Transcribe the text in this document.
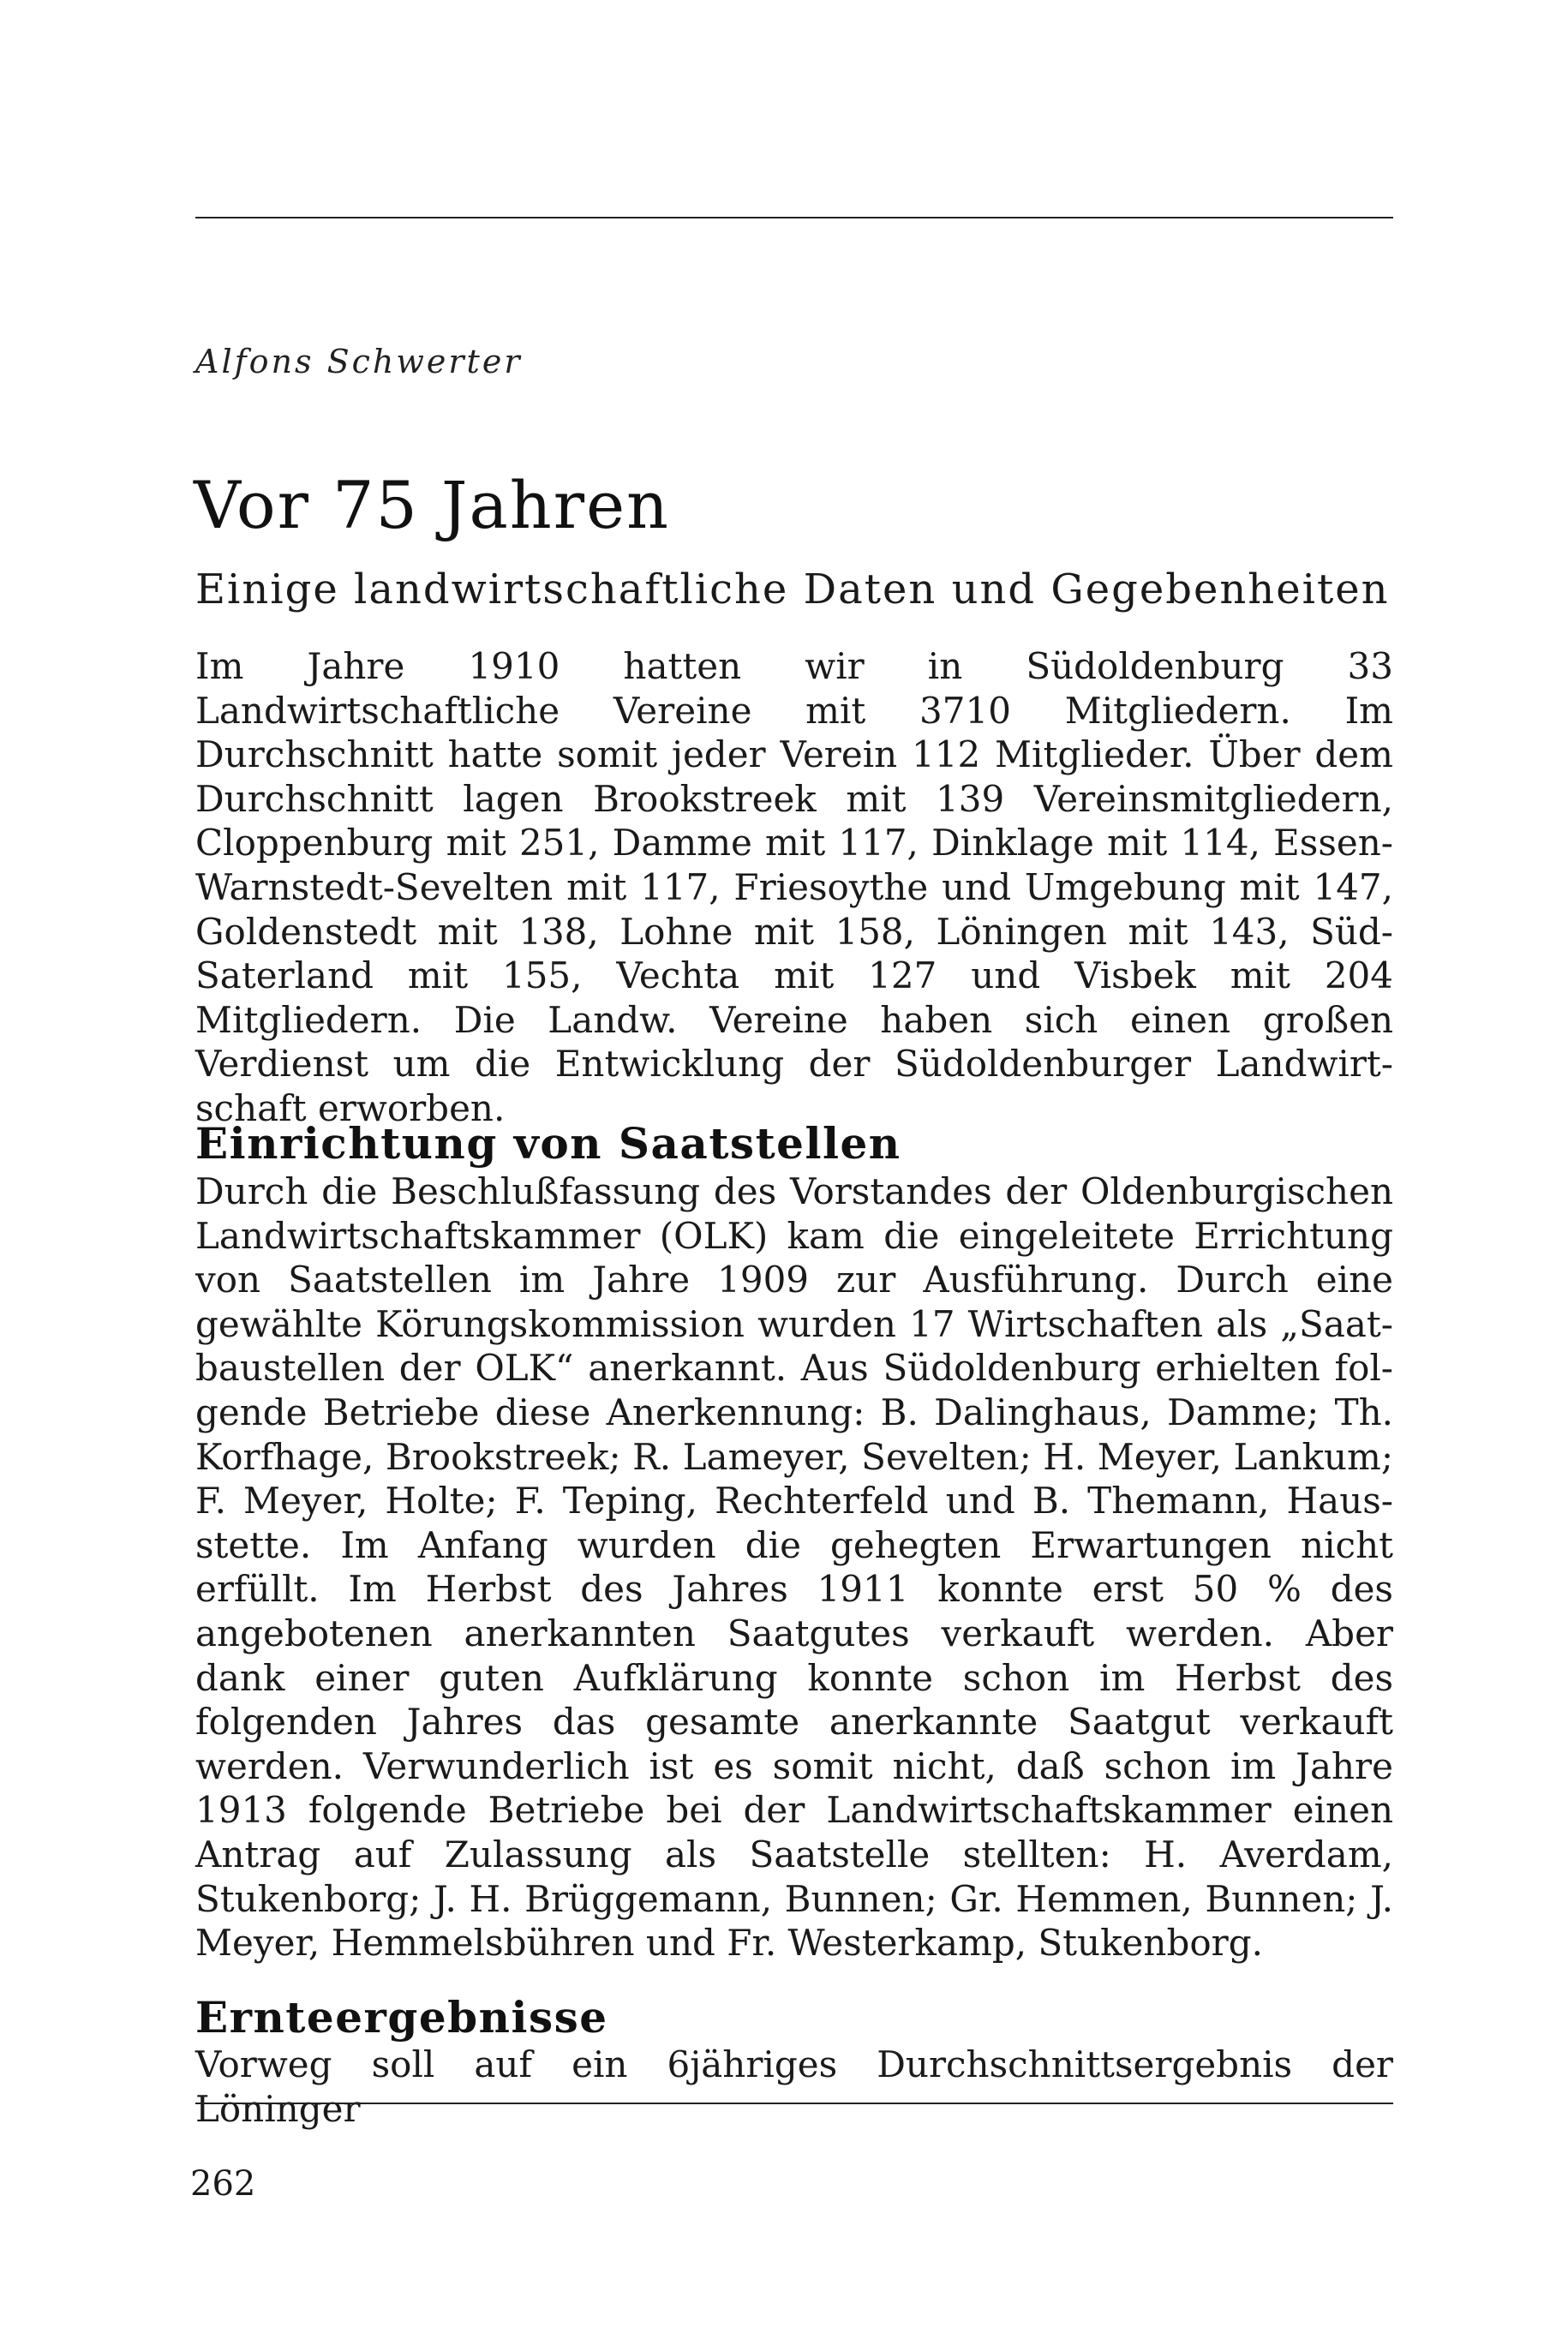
Alfons Schwerter
Vor 75 Jahren
Einige landwirtschaftliche Daten und Gegebenheiten

Im Jahre 1910 hatten wir in Südoldenburg 33 Landwirtschaftliche Vereine mit 3710 Mitgliedern. Im Durchschnitt hatte somit jeder Verein 112 Mitglieder. Über dem Durchschnitt lagen Brookstreek mit 139 Vereinsmitgliedern, Cloppenburg mit 251, Damme mit 117, Dinklage mit 114, Essen-Warnstedt-Sevelten mit 117, Friesoythe und Umgebung mit 147, Goldenstedt mit 138, Lohne mit 158, Löningen mit 143, Süd-Saterland mit 155, Vechta mit 127 und Visbek mit 204 Mitgliedern. Die Landw. Vereine haben sich einen großen Verdienst um die Entwicklung der Südoldenburger Landwirtschaft erworben.

Einrichtung von Saatstellen

Durch die Beschlußfassung des Vorstandes der Oldenburgischen Landwirtschaftskammer (OLK) kam die eingeleitete Errichtung von Saatstellen im Jahre 1909 zur Ausführung. Durch eine gewählte Körungskommission wurden 17 Wirtschaften als „Saatbaustellen der OLK“ anerkannt. Aus Südoldenburg erhielten folgende Betriebe diese Anerkennung: B. Dalinghaus, Damme; Th. Korfhage, Brookstreek; R. Lameyer, Sevelten; H. Meyer, Lankum; F. Meyer, Holte; F. Teping, Rechterfeld und B. Themann, Hausstette. Im Anfang wurden die gehegten Erwartungen nicht erfüllt. Im Herbst des Jahres 1911 konnte erst 50 % des angebotenen anerkannten Saatgutes verkauft werden. Aber dank einer guten Aufklärung konnte schon im Herbst des folgenden Jahres das gesamte anerkannte Saatgut verkauft werden. Verwunderlich ist es somit nicht, daß schon im Jahre 1913 folgende Betriebe bei der Landwirtschaftskammer einen Antrag auf Zulassung als Saatstelle stellten: H. Averdam, Stukenborg; J. H. Brüggemann, Bunnen; Gr. Hemmen, Bunnen; J. Meyer, Hemmelsbühren und Fr. Westerkamp, Stukenborg.

Ernteergebnisse

Vorweg soll auf ein 6jähriges Durchschnittsergebnis der Löninger

262
